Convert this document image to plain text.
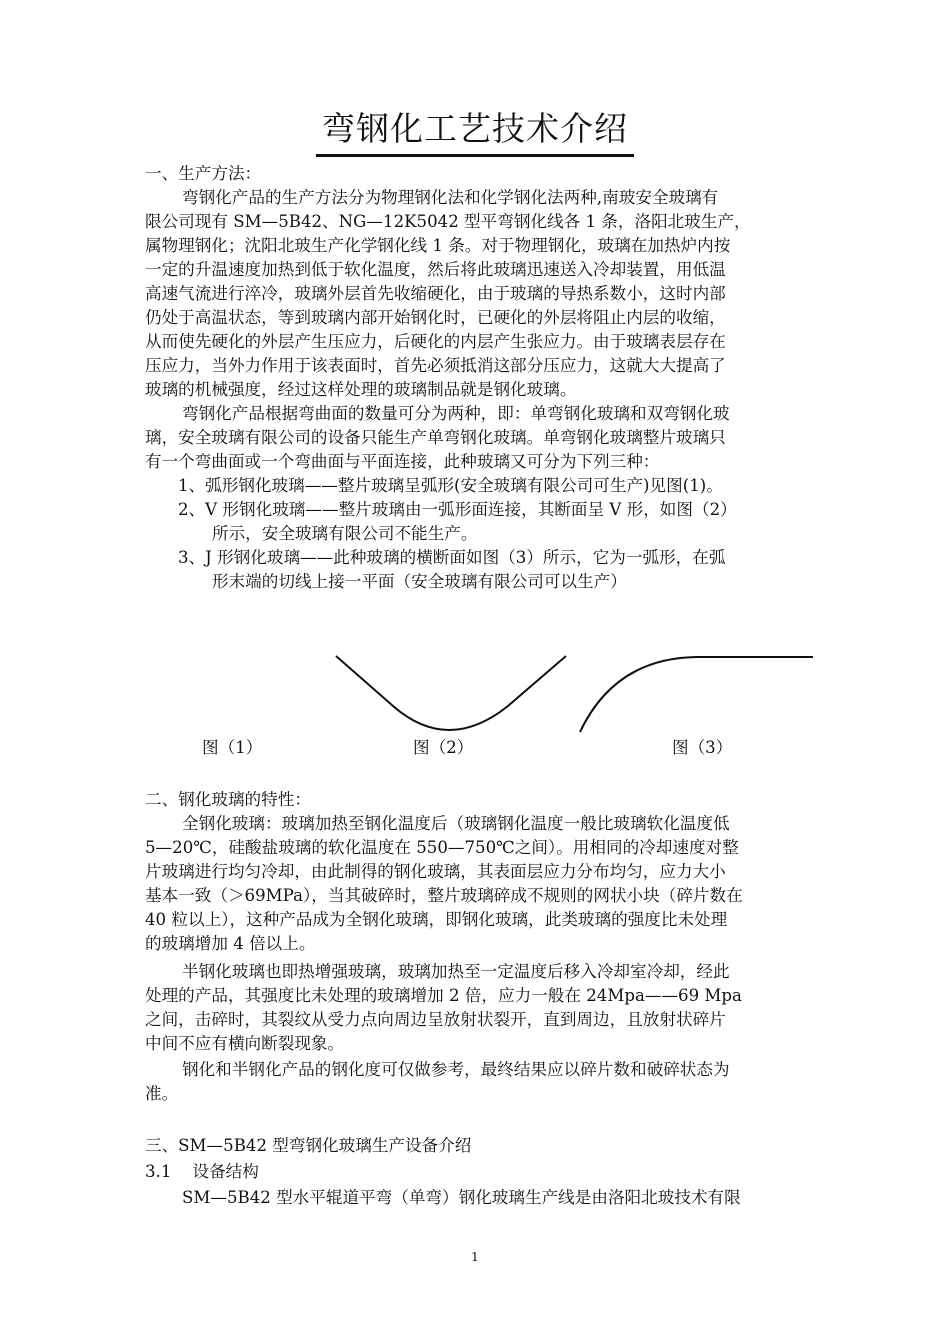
弯钢化工艺技术介绍
一、生产方法：
弯钢化产品的生产方法分为物理钢化法和化学钢化法两种,南玻安全玻璃有
限公司现有 SM—5B42、NG—12K5042 型平弯钢化线各 1 条，洛阳北玻生产，
属物理钢化；沈阳北玻生产化学钢化线 1 条。对于物理钢化，玻璃在加热炉内按
一定的升温速度加热到低于软化温度，然后将此玻璃迅速送入冷却装置，用低温
高速气流进行淬冷，玻璃外层首先收缩硬化，由于玻璃的导热系数小，这时内部
仍处于高温状态，等到玻璃内部开始钢化时，已硬化的外层将阻止内层的收缩，
从而使先硬化的外层产生压应力，后硬化的内层产生张应力。由于玻璃表层存在
压应力，当外力作用于该表面时，首先必须抵消这部分压应力，这就大大提高了
玻璃的机械强度，经过这样处理的玻璃制品就是钢化玻璃。
弯钢化产品根据弯曲面的数量可分为两种，即：单弯钢化玻璃和双弯钢化玻
璃，安全玻璃有限公司的设备只能生产单弯钢化玻璃。单弯钢化玻璃整片玻璃只
有一个弯曲面或一个弯曲面与平面连接，此种玻璃又可分为下列三种：
1、弧形钢化玻璃——整片玻璃呈弧形(安全玻璃有限公司可生产)见图(1)。
2、V 形钢化玻璃——整片玻璃由一弧形面连接，其断面呈 V 形，如图（2）
所示，安全玻璃有限公司不能生产。
3、J 形钢化玻璃——此种玻璃的横断面如图（3）所示，它为一弧形，在弧
形末端的切线上接一平面（安全玻璃有限公司可以生产）
图（1）	图（2）	图（3）
二、钢化玻璃的特性：
全钢化玻璃：玻璃加热至钢化温度后（玻璃钢化温度一般比玻璃软化温度低
5—20℃，硅酸盐玻璃的软化温度在 550—750℃之间）。用相同的冷却速度对整
片玻璃进行均匀冷却，由此制得的钢化玻璃，其表面层应力分布均匀，应力大小
基本一致（＞69MPa），当其破碎时，整片玻璃碎成不规则的网状小块（碎片数在
40 粒以上），这种产品成为全钢化玻璃，即钢化玻璃，此类玻璃的强度比未处理
的玻璃增加 4 倍以上。
半钢化玻璃也即热增强玻璃，玻璃加热至一定温度后移入冷却室冷却，经此
处理的产品，其强度比未处理的玻璃增加 2 倍，应力一般在 24Mpa——69 Mpa
之间，击碎时，其裂纹从受力点向周边呈放射状裂开，直到周边，且放射状碎片
中间不应有横向断裂现象。
钢化和半钢化产品的钢化度可仅做参考，最终结果应以碎片数和破碎状态为
准。
三、SM—5B42 型弯钢化玻璃生产设备介绍
3.1    设备结构
SM—5B42 型水平辊道平弯（单弯）钢化玻璃生产线是由洛阳北玻技术有限
1
